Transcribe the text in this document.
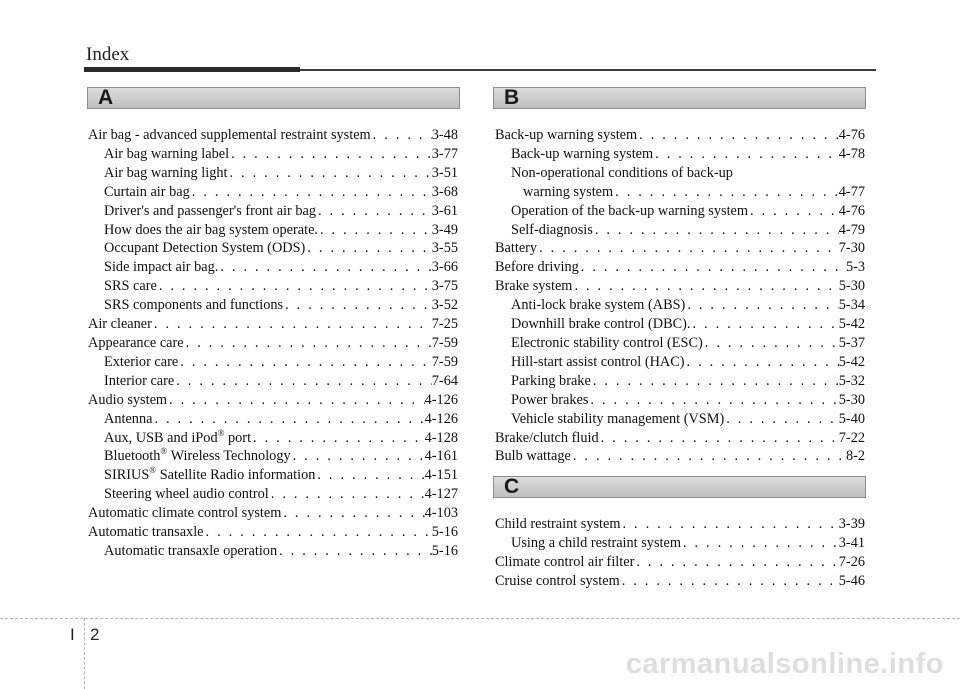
Index
A	B
Air bag - advanced supplemental restraint system . . .	3-48
Air bag warning label . . .	3-77
Air bag warning light . . .	3-51
Curtain air bag . . .	3-68
Driver's and passenger's front air bag . . .	3-61
How does the air bag system operate. . . .	3-49
Occupant Detection System (ODS) . . .	3-55
Side impact air bag. . . .	3-66
SRS care . . .	3-75
SRS components and functions . . .	3-52
Air cleaner . . .	7-25
Appearance care . . .	7-59
Exterior care . . .	7-59
Interior care . . .	7-64
Audio system . . .	4-126
Antenna . . .	4-126
Aux, USB and iPod® port . . .	4-128
Bluetooth® Wireless Technology . . .	4-161
SIRIUS® Satellite Radio information . . .	4-151
Steering wheel audio control . . .	4-127
Automatic climate control system . . .	4-103
Automatic transaxle . . .	5-16
Automatic transaxle operation . . .	5-16
Back-up warning system . . .	4-76
Back-up warning system . . .	4-78
Non-operational conditions of back-up
warning system . . .	4-77
Operation of the back-up warning system . . .	4-76
Self-diagnosis . . .	4-79
Battery . . .	7-30
Before driving . . .	5-3
Brake system . . .	5-30
Anti-lock brake system (ABS) . . .	5-34
Downhill brake control (DBC). . . .	5-42
Electronic stability control (ESC) . . .	5-37
Hill-start assist control (HAC) . . .	5-42
Parking brake . . .	5-32
Power brakes . . .	5-30
Vehicle stability management (VSM) . . .	5-40
Brake/clutch fluid . . .	7-22
Bulb wattage . . .	8-2
C
Child restraint system . . .	3-39
Using a child restraint system . . .	3-41
Climate control air filter . . .	7-26
Cruise control system . . .	5-46
I 2
carmanualsonline.info
